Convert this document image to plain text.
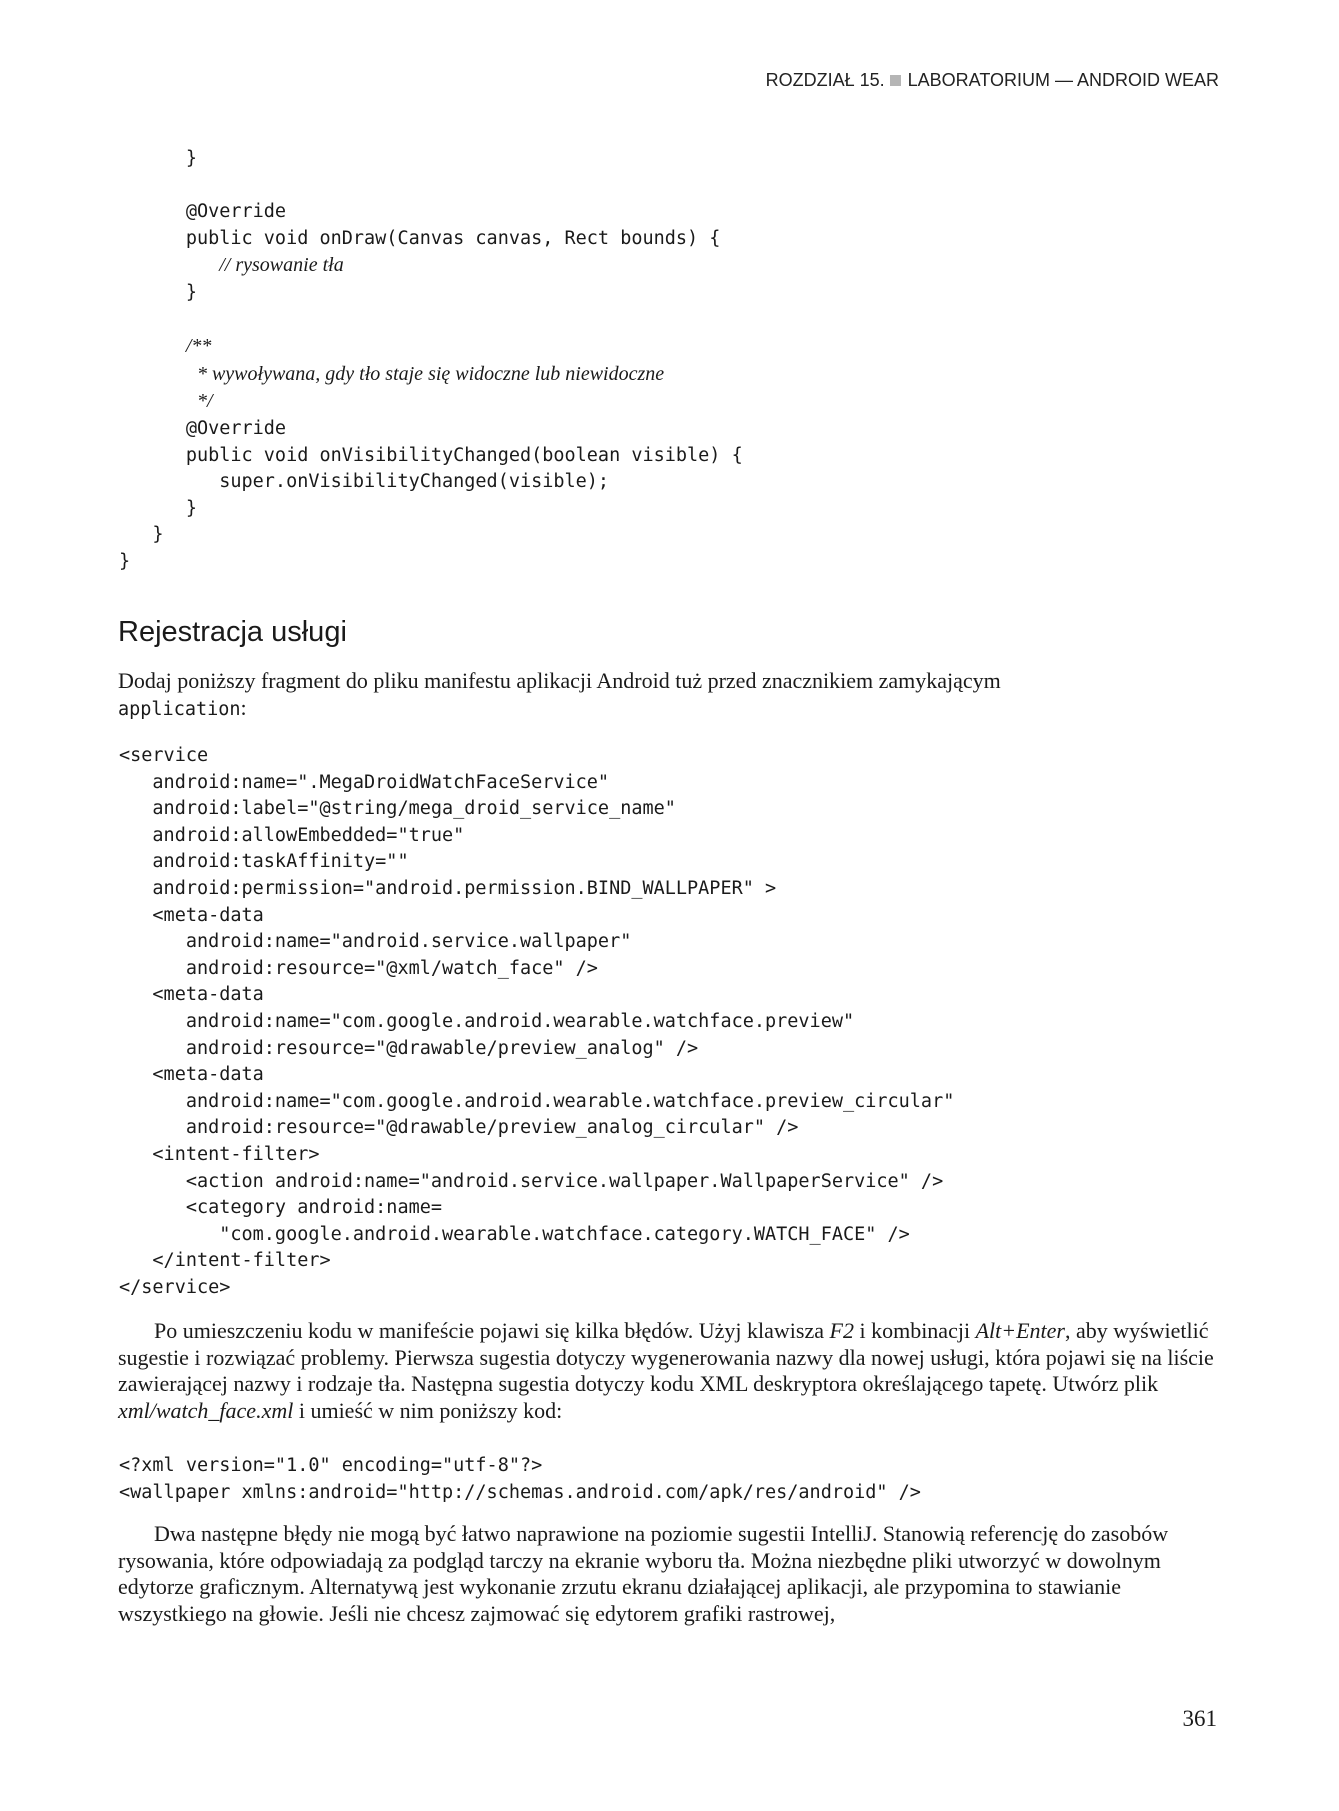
ROZDZIAŁ 15. LABORATORIUM — ANDROID WEAR
}

@Override
public void onDraw(Canvas canvas, Rect bounds) {
// rysowanie tła
}

/**
* wywoływana, gdy tło staje się widoczne lub niewidoczne
*/
@Override
public void onVisibilityChanged(boolean visible) {
super.onVisibilityChanged(visible);
}
}
}
Rejestracja usługi

Dodaj poniższy fragment do pliku manifestu aplikacji Android tuż przed znacznikiem zamykającym
application:

<service
android:name=".MegaDroidWatchFaceService"
android:label="@string/mega_droid_service_name"
android:allowEmbedded="true"
android:taskAffinity=""
android:permission="android.permission.BIND_WALLPAPER" >
<meta-data
android:name="android.service.wallpaper"
android:resource="@xml/watch_face" />
<meta-data
android:name="com.google.android.wearable.watchface.preview"
android:resource="@drawable/preview_analog" />
<meta-data
android:name="com.google.android.wearable.watchface.preview_circular"
android:resource="@drawable/preview_analog_circular" />
<intent-filter>
<action android:name="android.service.wallpaper.WallpaperService" />
<category android:name=
"com.google.android.wearable.watchface.category.WATCH_FACE" />
</intent-filter>
</service>

Po umieszczeniu kodu w manifeście pojawi się kilka błędów. Użyj klawisza F2 i kombinacji Alt+Enter, aby wyświetlić sugestie i rozwiązać problemy. Pierwsza sugestia dotyczy wygenerowania nazwy dla nowej usługi, która pojawi się na liście zawierającej nazwy i rodzaje tła. Następna sugestia dotyczy kodu XML deskryptora określającego tapetę. Utwórz plik xml/watch_face.xml i umieść w nim poniższy kod:

<?xml version="1.0" encoding="utf-8"?>
<wallpaper xmlns:android="http://schemas.android.com/apk/res/android" />

Dwa następne błędy nie mogą być łatwo naprawione na poziomie sugestii IntelliJ. Stanowią referencję do zasobów rysowania, które odpowiadają za podgląd tarczy na ekranie wyboru tła. Można niezbędne pliki utworzyć w dowolnym edytorze graficznym. Alternatywą jest wykonanie zrzutu ekranu działającej aplikacji, ale przypomina to stawianie wszystkiego na głowie. Jeśli nie chcesz zajmować się edytorem grafiki rastrowej,

361
